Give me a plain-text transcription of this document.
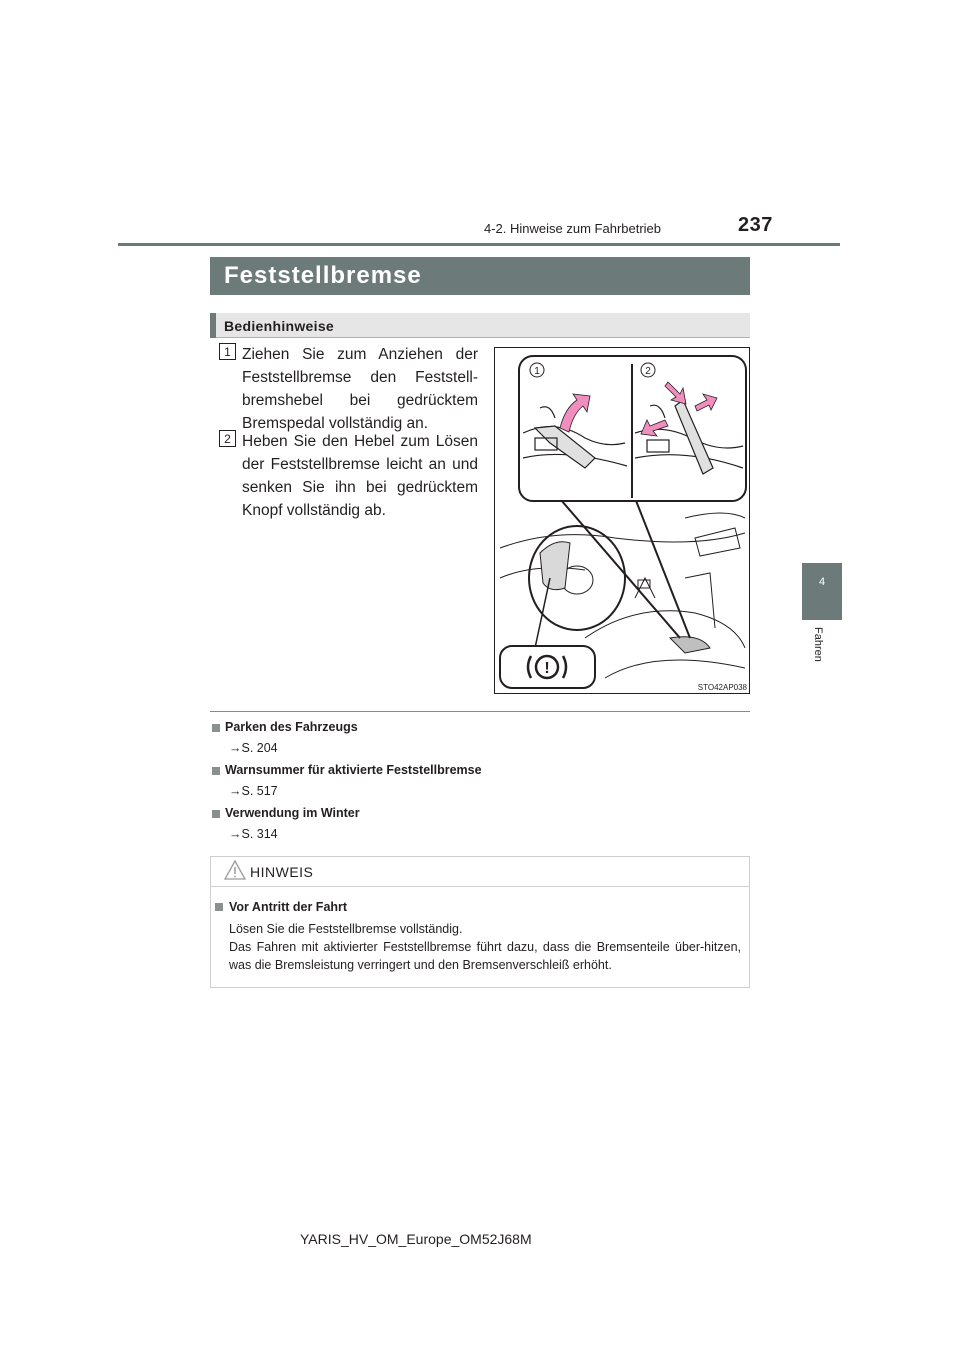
4-2. Hinweise zum Fahrbetrieb	237
4
Fahren
Feststellbremse
Bedienhinweise
1 Ziehen Sie zum Anziehen der Feststellbremse den Feststell-bremshebel bei gedrücktem Bremspedal vollständig an.
2 Heben Sie den Hebel zum Lösen der Feststellbremse leicht an und senken Sie ihn bei gedrücktem Knopf vollständig ab.
1	2
!
STO42AP038
Parken des Fahrzeugs
→S. 204
Warnsummer für aktivierte Feststellbremse
→S. 517
Verwendung im Winter
→S. 314
HINWEIS
Vor Antritt der Fahrt

Lösen Sie die Feststellbremse vollständig.

Das Fahren mit aktivierter Feststellbremse führt dazu, dass die Bremsenteile über-hitzen, was die Bremsleistung verringert und den Bremsenverschleiß erhöht.

YARIS_HV_OM_Europe_OM52J68M
